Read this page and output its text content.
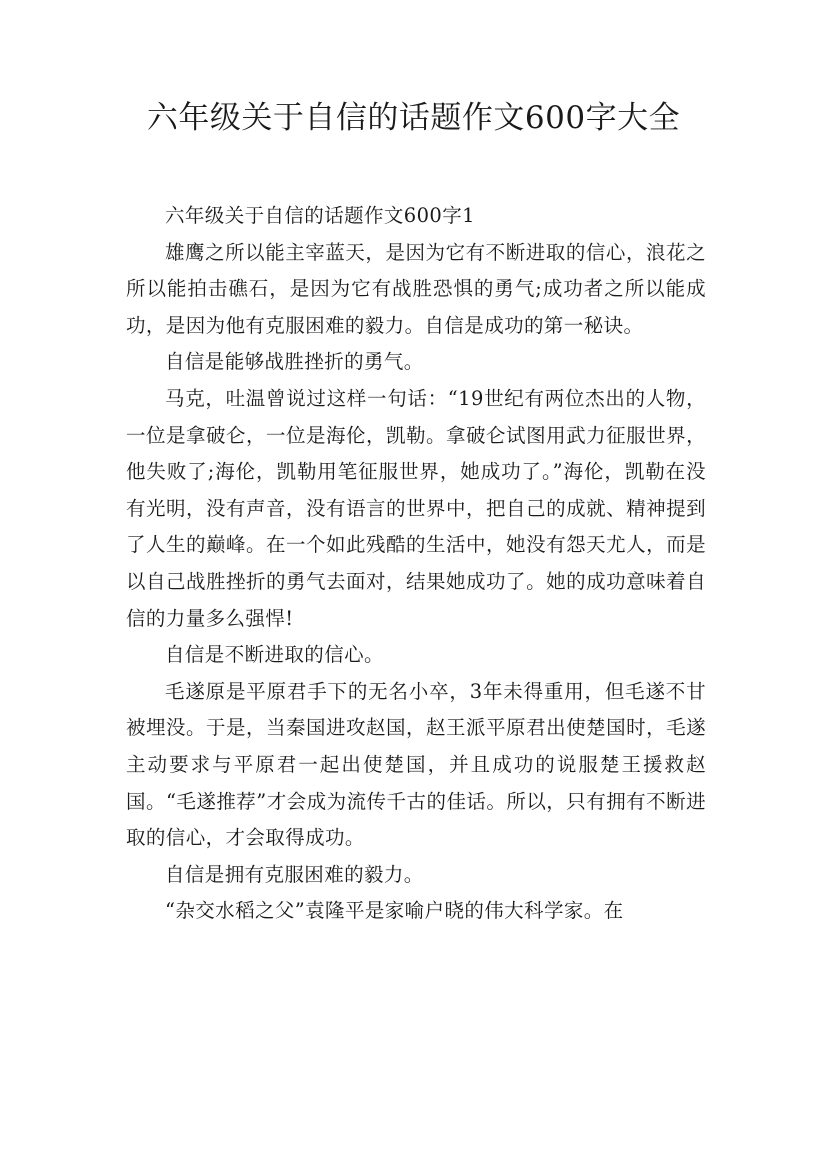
六年级关于自信的话题作文600字大全

六年级关于自信的话题作文600字1

雄鹰之所以能主宰蓝天，是因为它有不断进取的信心，浪花之所以能拍击礁石，是因为它有战胜恐惧的勇气;成功者之所以能成功，是因为他有克服困难的毅力。自信是成功的第一秘诀。

自信是能够战胜挫折的勇气。

马克，吐温曾说过这样一句话：“19世纪有两位杰出的人物，一位是拿破仑，一位是海伦，凯勒。拿破仑试图用武力征服世界，他失败了;海伦，凯勒用笔征服世界，她成功了。”海伦，凯勒在没有光明，没有声音，没有语言的世界中，把自己的成就、精神提到了人生的巅峰。在一个如此残酷的生活中，她没有怨天尤人，而是以自己战胜挫折的勇气去面对，结果她成功了。她的成功意味着自信的力量多么强悍!

自信是不断进取的信心。

毛遂原是平原君手下的无名小卒，3年未得重用，但毛遂不甘被埋没。于是，当秦国进攻赵国，赵王派平原君出使楚国时，毛遂主动要求与平原君一起出使楚国，并且成功的说服楚王援救赵国。“毛遂推荐”才会成为流传千古的佳话。所以，只有拥有不断进取的信心，才会取得成功。

自信是拥有克服困难的毅力。

“杂交水稻之父”袁隆平是家喻户晓的伟大科学家。在
